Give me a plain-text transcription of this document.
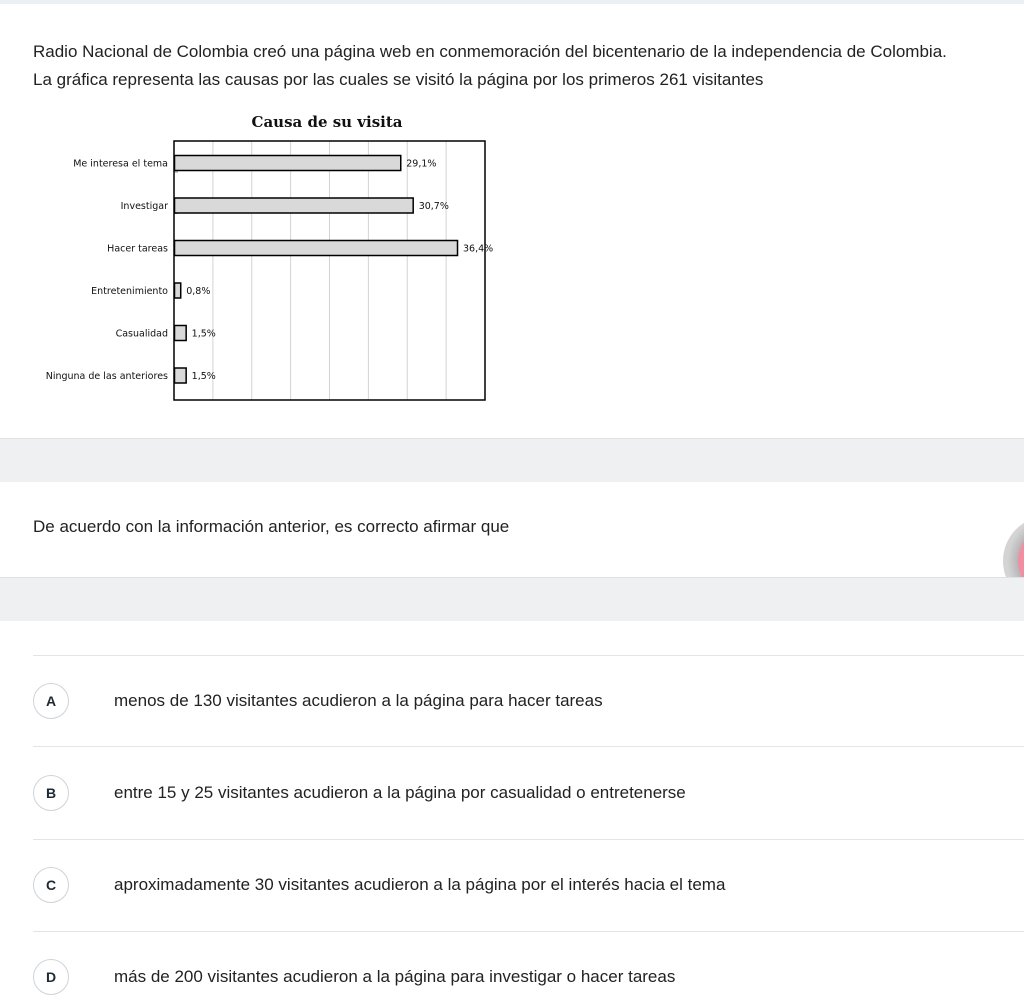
Radio Nacional de Colombia creó una página web en conmemoración del bicentenario de la independencia de Colombia.
La gráfica representa las causas por las cuales se visitó la página por los primeros 261 visitantes
Causa de su visita
Me interesa el tema	29,1%
Investigar	30,7%
Hacer tareas	36,4%
Entretenimiento 0,8%
Casualidad 1,5%
Ninguna de las anteriores 1,5%
De acuerdo con la información anterior, es correcto afirmar que
A	menos de 130 visitantes acudieron a la página para hacer tareas
B	entre 15 y 25 visitantes acudieron a la página por casualidad o entretenerse
C	aproximadamente 30 visitantes acudieron a la página por el interés hacia el tema
D	más de 200 visitantes acudieron a la página para investigar o hacer tareas
